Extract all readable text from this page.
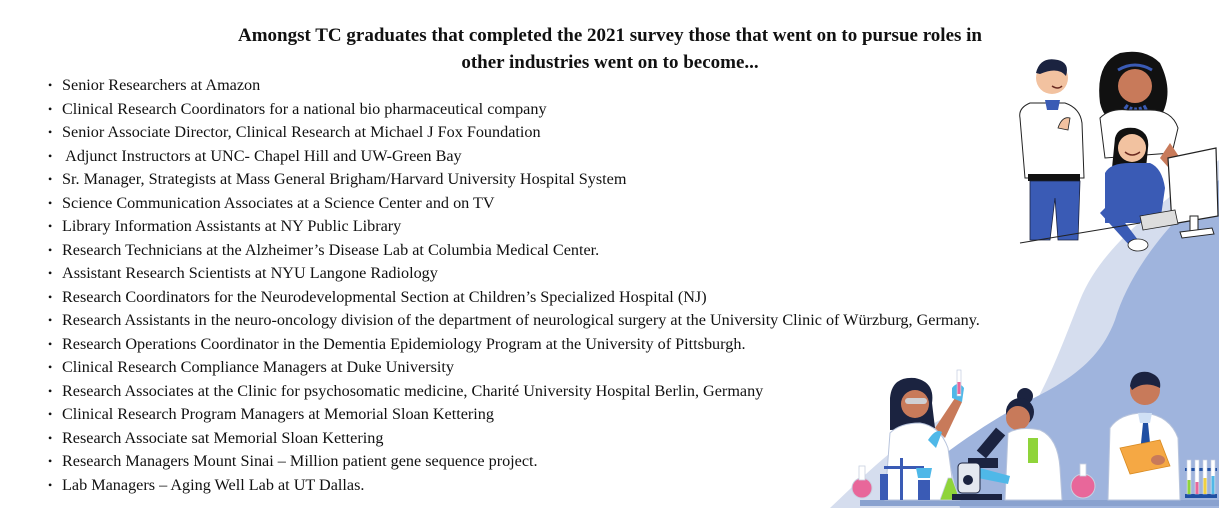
Amongst TC graduates that completed the 2021 survey those that went on to pursue roles in
other industries went on to become...
• Senior Researchers at Amazon
• Clinical Research Coordinators for a national bio pharmaceutical company
• Senior Associate Director, Clinical Research at Michael J Fox Foundation
• Adjunct Instructors at UNC- Chapel Hill and UW-Green Bay
• Sr. Manager, Strategists at Mass General Brigham/Harvard University Hospital System
• Science Communication Associates at a Science Center and on TV
• Library Information Assistants at NY Public Library
• Research Technicians at the Alzheimer’s Disease Lab at Columbia Medical Center.
• Assistant Research Scientists at NYU Langone Radiology
• Research Coordinators for the Neurodevelopmental Section at Children’s Specialized Hospital (NJ)
• Research Assistants in the neuro-oncology division of the department of neurological surgery at the University Clinic of Würzburg, Germany.
• Research Operations Coordinator in the Dementia Epidemiology Program at the University of Pittsburgh.
• Clinical Research Compliance Managers at Duke University
• Research Associates at the Clinic for psychosomatic medicine, Charité University Hospital Berlin, Germany
• Clinical Research Program Managers at Memorial Sloan Kettering
• Research Associate sat Memorial Sloan Kettering
• Research Managers Mount Sinai – Million patient gene sequence project.
• Lab Managers – Aging Well Lab at UT Dallas.
